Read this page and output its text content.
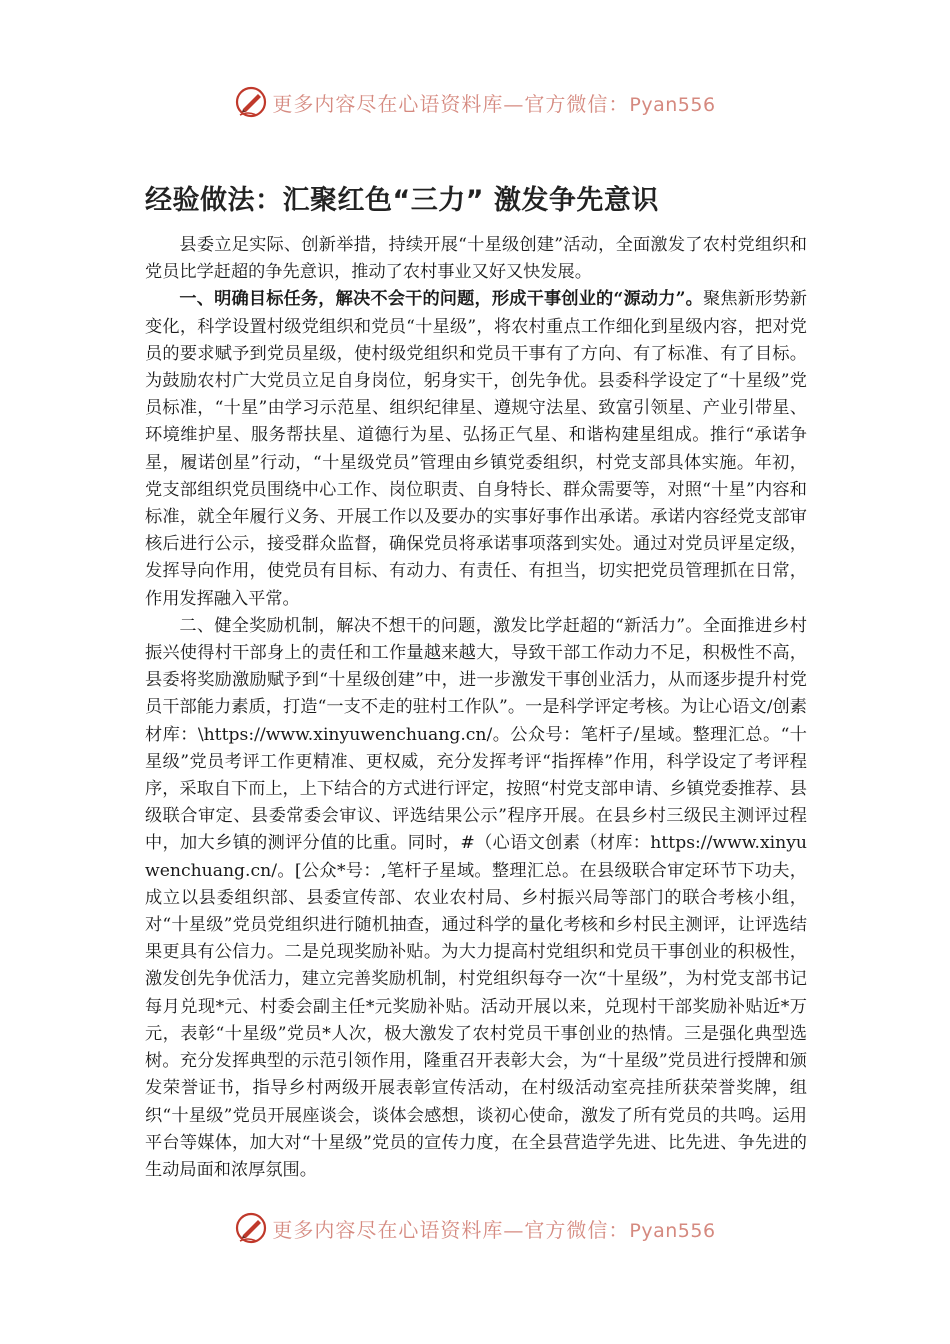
更多内容尽在心语资料库—官方微信：Pyan556
经验做法：汇聚红色“三力” 激发争先意识

县委立足实际、创新举措，持续开展“十星级创建”活动，全面激发了农村党组织和党员比学赶超的争先意识，推动了农村事业又好又快发展。

一、明确目标任务，解决不会干的问题，形成干事创业的“源动力”。聚焦新形势新变化，科学设置村级党组织和党员“十星级”，将农村重点工作细化到星级内容，把对党员的要求赋予到党员星级，使村级党组织和党员干事有了方向、有了标准、有了目标。为鼓励农村广大党员立足自身岗位，躬身实干，创先争优。县委科学设定了“十星级”党员标准，“十星”由学习示范星、组织纪律星、遵规守法星、致富引领星、产业引带星、环境维护星、服务帮扶星、道德行为星、弘扬正气星、和谐构建星组成。推行“承诺争星，履诺创星”行动，“十星级党员”管理由乡镇党委组织，村党支部具体实施。年初，党支部组织党员围绕中心工作、岗位职责、自身特长、群众需要等，对照“十星”内容和标准，就全年履行义务、开展工作以及要办的实事好事作出承诺。承诺内容经党支部审核后进行公示，接受群众监督，确保党员将承诺事项落到实处。通过对党员评星定级，发挥导向作用，使党员有目标、有动力、有责任、有担当，切实把党员管理抓在日常，作用发挥融入平常。

二、健全奖励机制，解决不想干的问题，激发比学赶超的“新活力”。全面推进乡村振兴使得村干部身上的责任和工作量越来越大，导致干部工作动力不足，积极性不高，县委将奖励激励赋予到“十星级创建”中，进一步激发干事创业活力，从而逐步提升村党员干部能力素质，打造“一支不走的驻村工作队”。一是科学评定考核。为让心语文/创素材库：\https://www.xinyuwenchuang.cn/。公众号：笔杆子/星域。整理汇总。“十星级”党员考评工作更精准、更权威，充分发挥考评“指挥棒”作用，科学设定了考评程序，采取自下而上，上下结合的方式进行评定，按照“村党支部申请、乡镇党委推荐、县级联合审定、县委常委会审议、评选结果公示”程序开展。在县乡村三级民主测评过程中，加大乡镇的测评分值的比重。同时，#（心语文创素（材库：https://www.xinyuwenchuang.cn/。[公众*号：,笔杆子星域。整理汇总。在县级联合审定环节下功夫，成立以县委组织部、县委宣传部、农业农村局、乡村振兴局等部门的联合考核小组，对“十星级”党员党组织进行随机抽查，通过科学的量化考核和乡村民主测评，让评选结果更具有公信力。二是兑现奖励补贴。为大力提高村党组织和党员干事创业的积极性，激发创先争优活力，建立完善奖励机制，村党组织每夺一次“十星级”，为村党支部书记每月兑现*元、村委会副主任*元奖励补贴。活动开展以来，兑现村干部奖励补贴近*万元，表彰“十星级”党员*人次，极大激发了农村党员干事创业的热情。三是强化典型选树。充分发挥典型的示范引领作用，隆重召开表彰大会，为“十星级”党员进行授牌和颁发荣誉证书，指导乡村两级开展表彰宣传活动，在村级活动室亮挂所获荣誉奖牌，组织“十星级”党员开展座谈会，谈体会感想，谈初心使命，激发了所有党员的共鸣。运用平台等媒体，加大对“十星级”党员的宣传力度，在全县营造学先进、比先进、争先进的生动局面和浓厚氛围。

更多内容尽在心语资料库—官方微信：Pyan556
